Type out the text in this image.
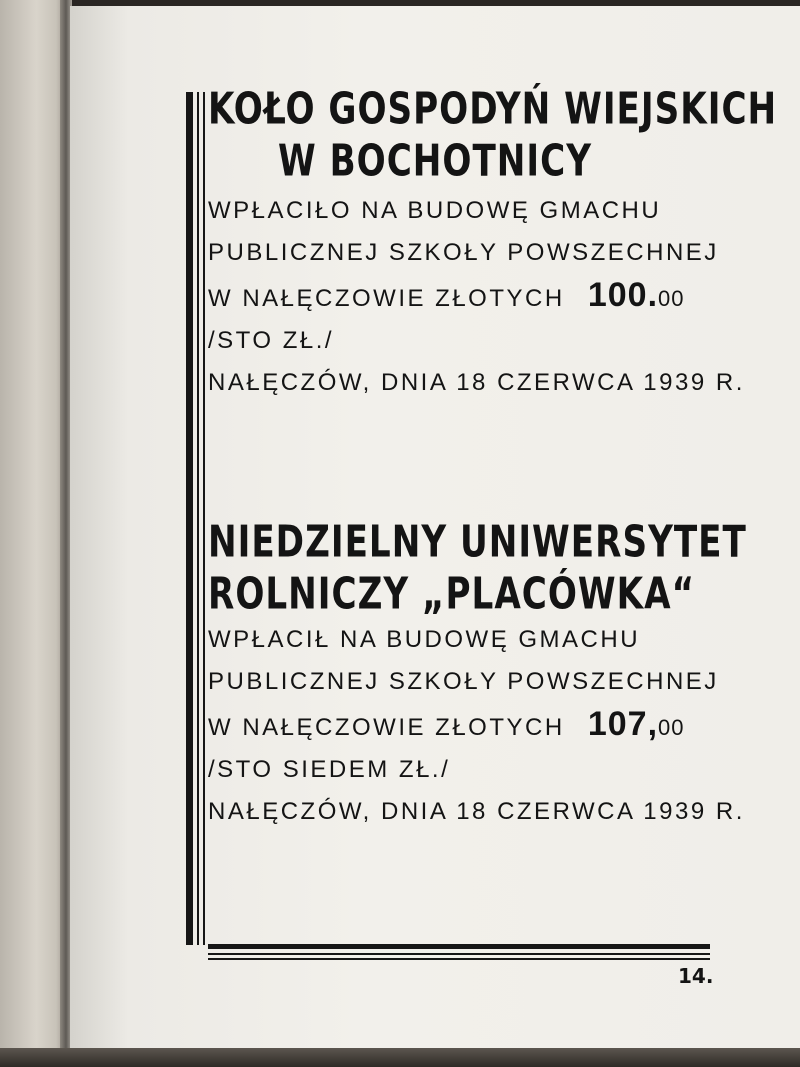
KOŁO GOSPODYŃ WIEJSKICH
W BOCHOTNICY
WPŁACIŁO NA BUDOWĘ GMACHU
PUBLICZNEJ SZKOŁY POWSZECHNEJ
W NAŁĘCZOWIE ZŁOTYCH 100.00
/STO ZŁ./
NAŁĘCZÓW, DNIA 18 CZERWCA 1939 R.
NIEDZIELNY UNIWERSYTET
ROLNICZY „PLACÓWKA“
WPŁACIŁ NA BUDOWĘ GMACHU
PUBLICZNEJ SZKOŁY POWSZECHNEJ
W NAŁĘCZOWIE ZŁOTYCH 107,00
/STO SIEDEM ZŁ./
NAŁĘCZÓW, DNIA 18 CZERWCA 1939 R.
14.
